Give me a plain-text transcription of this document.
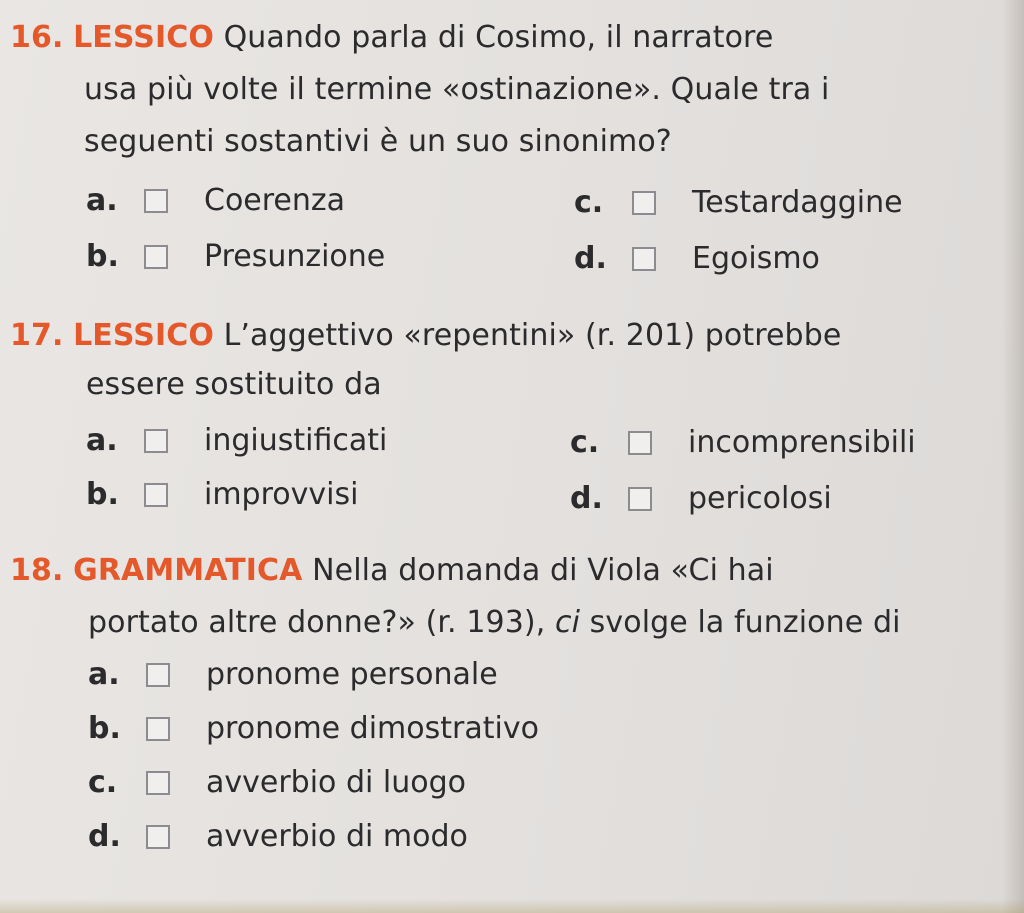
16. LESSICO Quando parla di Cosimo, il narratore
usa più volte il termine «ostinazione». Quale tra i
seguenti sostantivi è un suo sinonimo?
a.	Coerenza
b.	Presunzione
c.	Testardaggine
d.	Egoismo
17. LESSICO L’aggettivo «repentini» (r. 201) potrebbe
essere sostituito da
a.	ingiustificati
b.	improvvisi
c.	incomprensibili
d.	pericolosi
18. GRAMMATICA Nella domanda di Viola «Ci hai
portato altre donne?» (r. 193), ci svolge la funzione di
a.	pronome personale
b.	pronome dimostrativo
c.	avverbio di luogo
d.	avverbio di modo
